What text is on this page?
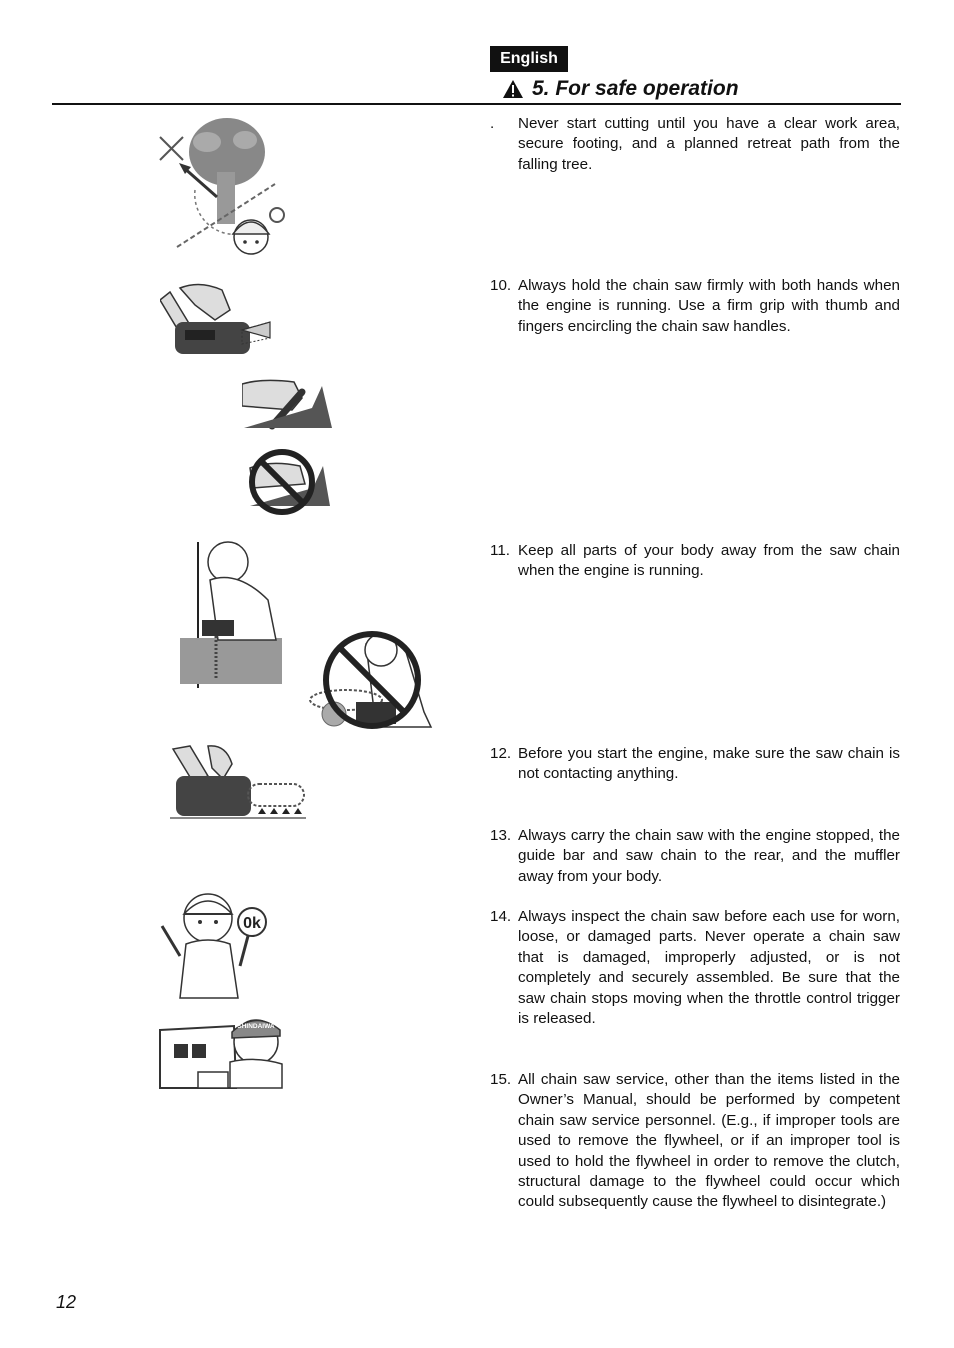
English
5. For safe operation
.	Never start cutting until you have a clear work area, secure footing, and a planned retreat path from the falling tree.
10. Always hold the chain saw firmly with both hands when the engine is running. Use a firm grip with thumb and fingers encircling the chain saw handles.
11. Keep all parts of your body away from the saw chain when the engine is running.
12. Before you start the engine, make sure the saw chain is not contacting anything.
13. Always carry the chain saw with the engine stopped, the guide bar and saw chain to the rear, and the muffler away from your body.
14. Always inspect the chain saw before each use for worn, loose, or damaged parts. Never operate a chain saw that is damaged, improperly adjusted, or is not completely and securely assembled. Be sure that the saw chain stops moving when the throttle control trigger is released.
15. All chain saw service, other than the items listed in the Owner’s Manual, should be performed by competent chain saw service personnel. (E.g., if improper tools are used to remove the flywheel, or if an improper tool is used to hold the flywheel in order to remove the clutch, structural damage to the flywheel could occur which could subsequently cause the flywheel to disintegrate.)
0k
SHINDAIWA
12
